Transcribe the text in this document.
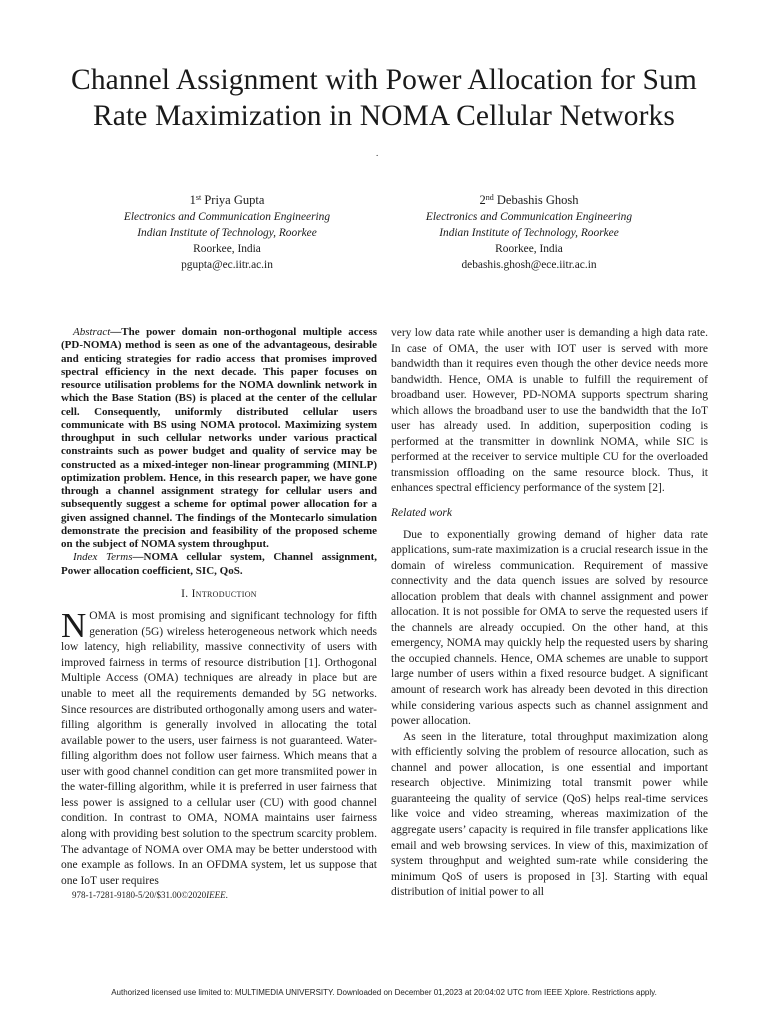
Channel Assignment with Power Allocation for Sum
Rate Maximization in NOMA Cellular Networks
.
1st Priya Gupta
Electronics and Communication Engineering
Indian Institute of Technology, Roorkee
Roorkee, India
pgupta@ec.iitr.ac.in
2nd Debashis Ghosh
Electronics and Communication Engineering
Indian Institute of Technology, Roorkee
Roorkee, India
debashis.ghosh@ece.iitr.ac.in

Abstract—The power domain non-orthogonal multiple access (PD-NOMA) method is seen as one of the advantageous, desirable and enticing strategies for radio access that promises improved spectral efficiency in the next decade. This paper focuses on resource utilisation problems for the NOMA downlink network in which the Base Station (BS) is placed at the center of the cellular cell. Consequently, uniformly distributed cellular users communicate with BS using NOMA protocol. Maximizing system throughput in such cellular networks under various practical constraints such as power budget and quality of service may be constructed as a mixed-integer non-linear programming (MINLP) optimization problem. Hence, in this research paper, we have gone through a channel assignment strategy for cellular users and subsequently suggest a scheme for optimal power allocation for a given assigned channel. The findings of the Montecarlo simulation demonstrate the precision and feasibility of the proposed scheme on the subject of NOMA system throughput.

Index Terms—NOMA cellular system, Channel assignment, Power allocation coefficient, SIC, QoS.

I. Introduction

NOMA is most promising and significant technology for fifth generation (5G) wireless heterogeneous network which needs low latency, high reliability, massive connectivity of users with improved fairness in terms of resource distribution [1]. Orthogonal Multiple Access (OMA) techniques are already in place but are unable to meet all the requirements demanded by 5G networks. Since resources are distributed orthogonally among users and water-filling algorithm is generally involved in allocating the total available power to the users, user fairness is not guaranteed. Water-filling algorithm does not follow user fairness. Which means that a user with good channel condition can get more transmiited power in the water-filling algorithm, while it is preferred in user fairness that less power is assigned to a cellular user (CU) with good channel condition. In contrast to OMA, NOMA maintains user fairness along with providing best solution to the spectrum scarcity problem. The advantage of NOMA over OMA may be better understood with one example as follows. In an OFDMA system, let us suppose that one IoT user requires

978-1-7281-9180-5/20/$31.00©2020IEEE.

very low data rate while another user is demanding a high data rate. In case of OMA, the user with IOT user is served with more bandwidth than it requires even though the other device needs more bandwidth. Hence, OMA is unable to fulfill the requirement of broadband user. However, PD-NOMA supports spectrum sharing which allows the broadband user to use the bandwidth that the IoT user has already used. In addition, superposition coding is performed at the transmitter in downlink NOMA, while SIC is performed at the receiver to service multiple CU for the overloaded transmission offloading on the same resource block. Thus, it enhances spectral efficiency performance of the system [2].

Related work

Due to exponentially growing demand of higher data rate applications, sum-rate maximization is a crucial research issue in the domain of wireless communication. Requirement of massive connectivity and the data quench issues are solved by resource allocation problem that deals with channel assignment and power allocation. It is not possible for OMA to serve the requested users if the channels are already occupied. On the other hand, at this emergency, NOMA may quickly help the requested users by sharing the occupied channels. Hence, OMA schemes are unable to support large number of users within a fixed resource budget. A significant amount of research work has already been devoted in this direction while considering various aspects such as channel assignment and power allocation.

As seen in the literature, total throughput maximization along with efficiently solving the problem of resource allocation, such as channel and power allocation, is one essential and important research objective. Minimizing total transmit power while guaranteeing the quality of service (QoS) helps real-time services like voice and video streaming, whereas maximization of the aggregate users’ capacity is required in file transfer applications like email and web browsing services. In view of this, maximization of system throughput and weighted sum-rate while considering the minimum QoS of users is proposed in [3]. Starting with equal distribution of initial power to all

Authorized licensed use limited to: MULTIMEDIA UNIVERSITY. Downloaded on December 01,2023 at 20:04:02 UTC from IEEE Xplore. Restrictions apply.
